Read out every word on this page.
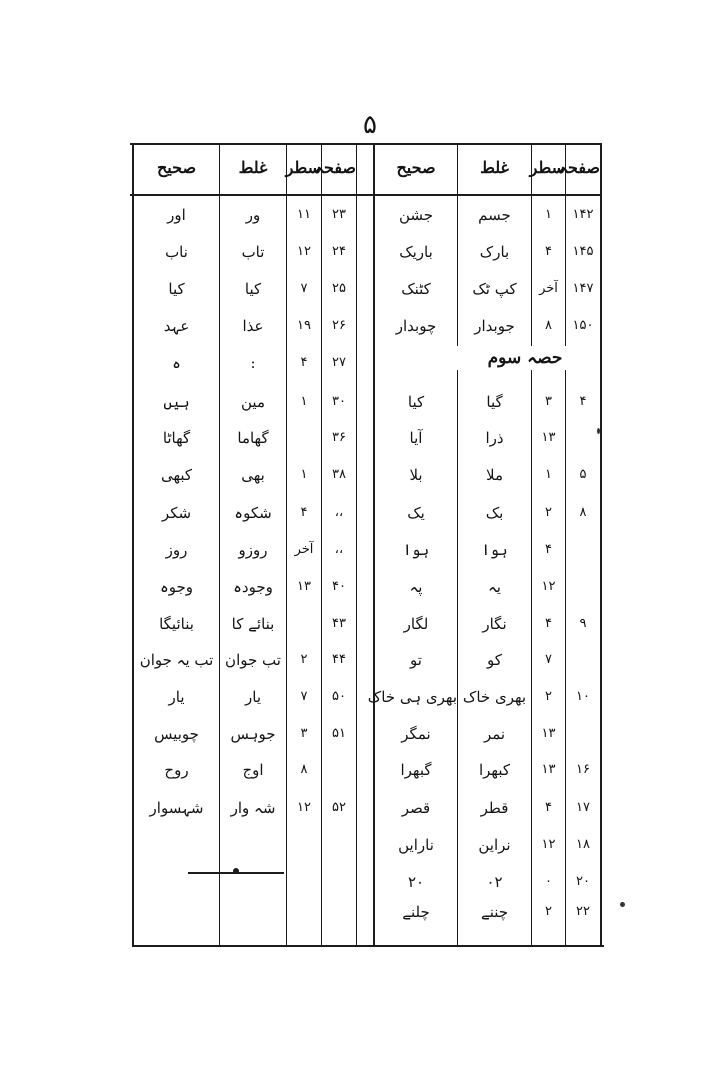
۵
صفحہ
سطر
غلط
صحیح
صفحہ
سطر
غلط
صحیح
۱۴۲
۱
جسم
جشن
۱۴۵
۴
بارک
باریک
۱۴۷
آخر
کپ ٹک
کٹنک
۱۵۰
۸
جوبدار
چوبدار
۴
۳
گیا
کیا
۱۳
ذرا
آیا
۵
۱
ملا
بلا
۸
۲
بک
یک
۴
ہوا
ہوا
۱۲
یہ
پہ
۹
۴
نگار
لگار
۷
کو
تو
۱۰
۲
بھری خاک
بھری ہی خاک
۱۳
نمر
نمگر
۱۶
۱۳
کبھرا
گبھرا
۱۷
۴
قطر
قصر
۱۸
۱۲
نراین
نارایں
۲۰
۰
۰۲
۲۰
۲۲
۲
چننے
چلنے
۲۳
۱۱
ور
اور
۲۴
۱۲
تاب
ناب
۲۵
۷
کیا
کیا
۲۶
۱۹
عذا
عہد
۲۷
۴
:
ہ
۳۰
۱
مین
ہیں
۳۶
گھاما
گھاٹا
۳۸
۱
بھی
کبھی
،،
۴
شکوہ
شکر
،،
آخر
روزو
روز
۴۰
۱۳
وجودہ
وجوہ
۴۳
بنائے کا
بنائیگا
۴۴
۲
تب جوان
تب یہ جوان
۵۰
۷
یار
یار
۵۱
۳
جوہس
چوبیس
۸
اوج
روح
۵۲
۱۲
شہ وار
شہسوار
حصہ سوم
